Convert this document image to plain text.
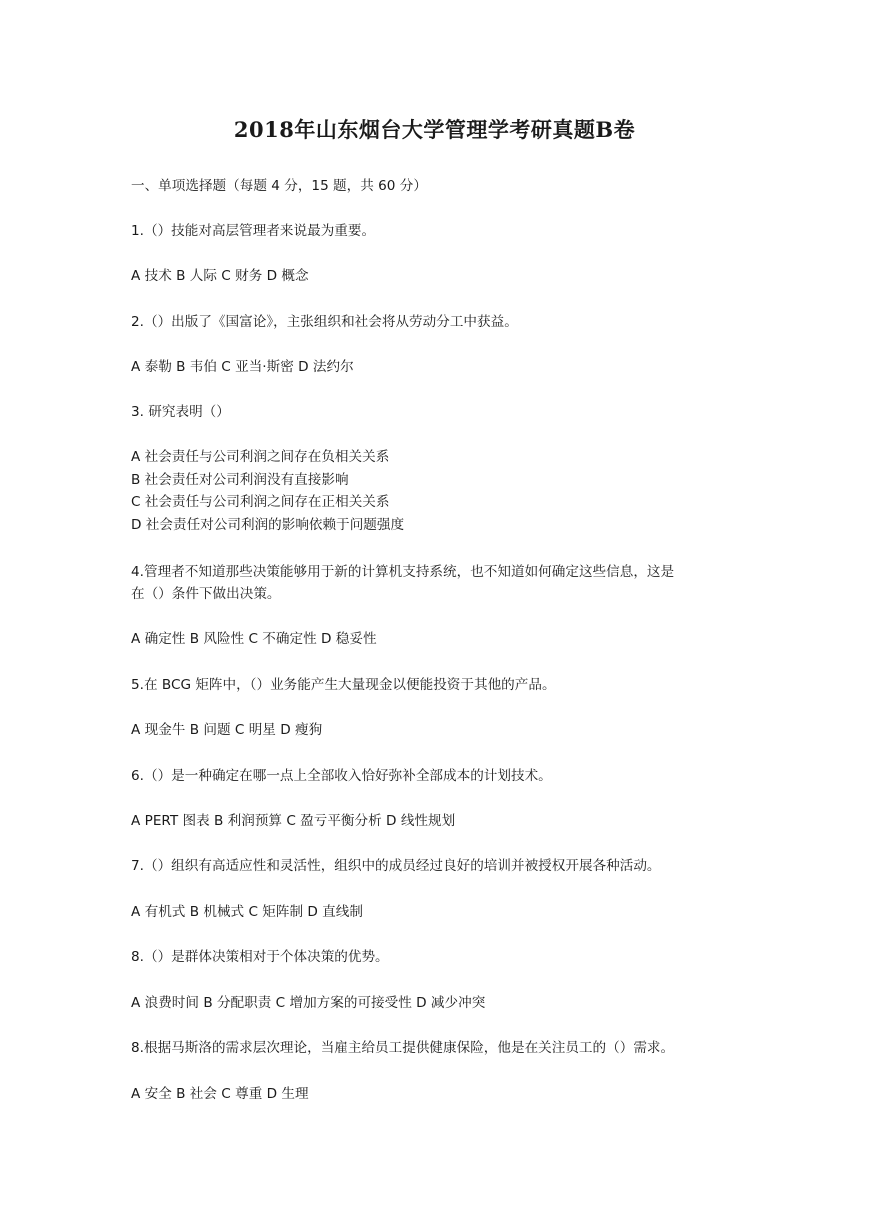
2018年山东烟台大学管理学考研真题B卷
一、单项选择题（每题 4 分，15 题，共 60 分）
1.（）技能对高层管理者来说最为重要。
A 技术 B 人际 C 财务 D 概念
2.（）出版了《国富论》，主张组织和社会将从劳动分工中获益。
A 泰勒 B 韦伯 C 亚当·斯密 D 法约尔
3. 研究表明（）
A 社会责任与公司利润之间存在负相关关系
B 社会责任对公司利润没有直接影响
C 社会责任与公司利润之间存在正相关关系
D 社会责任对公司利润的影响依赖于问题强度
4.管理者不知道那些决策能够用于新的计算机支持系统，也不知道如何确定这些信息，这是
在（）条件下做出决策。
A 确定性 B 风险性 C 不确定性 D 稳妥性
5.在 BCG 矩阵中，（）业务能产生大量现金以便能投资于其他的产品。
A 现金牛 B 问题 C 明星 D 瘦狗
6.（）是一种确定在哪一点上全部收入恰好弥补全部成本的计划技术。
A PERT 图表 B 利润预算 C 盈亏平衡分析 D 线性规划
7.（）组织有高适应性和灵活性，组织中的成员经过良好的培训并被授权开展各种活动。
A 有机式 B 机械式 C 矩阵制 D 直线制
8.（）是群体决策相对于个体决策的优势。
A 浪费时间 B 分配职责 C 增加方案的可接受性 D 减少冲突
8.根据马斯洛的需求层次理论，当雇主给员工提供健康保险，他是在关注员工的（）需求。
A 安全 B 社会 C 尊重 D 生理
